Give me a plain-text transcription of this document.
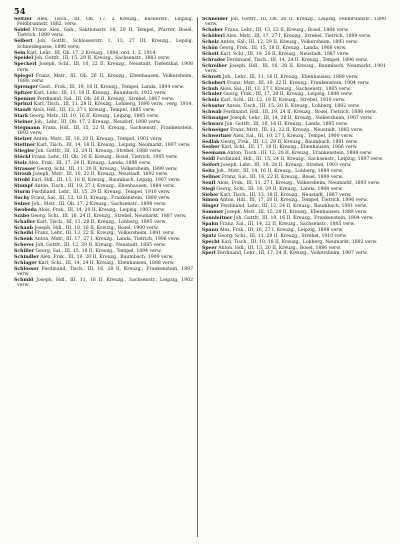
54

Seltzer Alex, Tisch., III, Ob. 17, 2 Kreuzg., Bäckerstr., Leipzig, Feldbrunnstr. 1882. verw.

Seidel Franz Alex. Geh., Sektionsstr. 16, 29 II, Tempel, Pfarrer, Bosel, Tietrich, 1899 verw.

Seibert Joh. Gottfr., Schlosserstr. 1, 13, 27 III, Kreuzg., Lepzig, Schneidegasse, 1890 verw.

Sein Karl, Lehr., III, Ob. 17, 2 Kreuzg., 1884, ord. 1, 2, 1914.

Speidel Joh. Gottfr., III, 15, 29 II, Kreuzg., Sachsenstr., 1883 verw.

Speckert Joseph, Schl., III, 10, 22 II, Kreuzg., Neustadt, Tiefenthal, 1908 verw.

Spiegel Franz, Mstr., III, Ob. 26 II, Kreuzg., Ebenhausen, Volkersheim, 1889. verw.

Sprenger Gust., Frsk., III, 19, 10 II, Kreuzg., Tempel, Landa, 1894 verw.

Spitzer Karl, Lehr., III, 13, 18 II, Kreuzg., Baumbach, 1912 verw.

Sponner Ferdinand, Sal., III, Ob. 26 II, Kreuzg., Strebel, 1887 verw.

Sprinzl Karl, Tisch., III, 11, 28 II, Kreuzg., Lohberg, 1896 verw., verg. 1914.

Staudt Alois, Hdl., III, 12, 27 I, Kreuzg., Tempel, 1885 verw.

Stark Georg, Mstr., III, 10, 16 II, Kreuzg., Leipzig, 1895 verw.

Steiner Joh., Lehr., III, Ob. 17, 2 Kreuzg., Neudorf, 1890 verw.

Stegmann Franz, Hdl., III, 15, 22 II, Kreuzg., Sachsenstr., Frankenstein, 1893 verw.

Stelzer Anton, Mstr., III, 16, 20 II, Kreuzg., Tempel, 1901 verw.

Stettner Karl, Tisch., III, 14, 18 II, Kreuzg., Leipzig, Neumarkt, 1897 verw.

Stiegler Joh. Gottfr., III, 12, 24 II, Kreuzg., Strebel, 1888 verw.

Stöckl Franz, Lehr., III, Ob. 26 II, Kreuzg., Bosel, Tietrich, 1905 verw.

Stolz Alex, Frsk., III, 17, 24 II, Kreuzg., Landa, 1886 verw.

Strasser Georg, Schl., III, 11, 20 II, Kreuzg., Volkersheim, 1899 verw.

Straub Joseph, Mstr., III, 10, 22 II, Kreuzg., Neustadt, 1892 verw.

Strobl Karl, Hdl., III, 13, 16 II, Kreuzg., Baumbach, Lepzig, 1907 verw.

Stumpf Anton, Tisch., III, 19, 27 I, Kreuzg., Ebenhausen, 1884 verw.

Sturm Ferdinand, Lehr., III, 15, 29 II, Kreuzg., Tempel, 1910 verw.

Suchy Franz, Sal., III, 12, 18 II, Kreuzg., Frankenstein, 1889 verw.

Sulzer Joh., Mstr., III, Ob. 17, 2 Kreuzg., Sachsenstr., 1898 verw.

Swoboda Alois, Frsk., III, 14, 20 II, Kreuzg., Leipzig, 1903 verw.

Szabo Georg, Schl., III, 16, 24 II, Kreuzg., Strebel, Neumarkt, 1887 verw.

Schaller Karl, Tisch., III, 11, 28 II, Kreuzg., Lohberg, 1895 verw.

Schaub Joseph, Hdl., III, 10, 16 II, Kreuzg., Bosel, 1900 verw.

Scheibl Franz, Lehr., III, 13, 22 II, Kreuzg., Volkersheim, 1891 verw.

Schenk Anton, Mstr., III, 17, 27 I, Kreuzg., Landa, Tietrich, 1906 verw.

Scherer Joh. Gottfr., III, 12, 29 II, Kreuzg., Neustadt, 1885 verw.

Schiller Georg, Sal., III, 15, 18 II, Kreuzg., Tempel, 1894 verw.

Schindler Alex, Frsk., III, 19, 20 II, Kreuzg., Baumbach, 1909 verw.

Schlager Karl, Schl., III, 14, 24 II, Kreuzg., Ebenhausen, 1888 verw.

Schlosser Ferdinand, Tisch., III, 16, 28 II, Kreuzg., Frankenstein, 1897 verw.

Schmid Joseph, Hdl., III, 11, 16 II, Kreuzg., Sachsenstr., Leipzig, 1902 verw.

Schneider Joh. Gottfr., III, Ob. 26 II, Kreuzg., Leipzig, Feldbrunnstr., 1890 verw.

Schober Franz, Lehr., III, 13, 22 II, Kreuzg., Bosel, 1884 verw.

Schöberl Alex, Mstr., III, 17, 27 I, Kreuzg., Strebel, Tietrich, 1899 verw.

Scholz Anton, Sal., III, 12, 29 II, Kreuzg., Volkersheim, 1893 verw.

Schön Georg, Frsk., III, 15, 18 II, Kreuzg., Landa, 1908 verw.

Schott Karl, Schl., III, 19, 20 II, Kreuzg., Neustadt, 1887 verw.

Schrader Ferdinand, Tisch., III, 14, 24 II, Kreuzg., Tempel, 1896 verw.

Schreiber Joseph, Hdl., III, 16, 28 II, Kreuzg., Baumbach, Neumarkt, 1901 verw.

Schrott Joh., Lehr., III, 11, 16 II, Kreuzg., Ebenhausen, 1889 verw.

Schubert Franz, Mstr., III, 10, 22 II, Kreuzg., Frankenstein, 1904 verw.

Schuh Alois, Sal., III, 13, 27 I, Kreuzg., Sachsenstr., 1885 verw.

Schuler Georg, Frsk., III, 17, 29 II, Kreuzg., Leipzig, 1898 verw.

Schulz Karl, Schl., III, 12, 18 II, Kreuzg., Strebel, 1910 verw.

Schuster Anton, Tisch., III, 15, 20 II, Kreuzg., Lohberg, 1892 verw.

Schwab Ferdinand, Hdl., III, 19, 24 II, Kreuzg., Bosel, Tietrich, 1886 verw.

Schwaiger Joseph, Lehr., III, 14, 28 II, Kreuzg., Volkersheim, 1907 verw.

Schwarz Joh. Gottfr., III, 16, 16 II, Kreuzg., Landa, 1895 verw.

Schweiger Franz, Mstr., III, 11, 22 II, Kreuzg., Neustadt, 1883 verw.

Schwertner Alex, Sal., III, 10, 27 I, Kreuzg., Tempel, 1900 verw.

Sedlak Georg, Frsk., III, 13, 29 II, Kreuzg., Baumbach, 1891 verw.

Seeber Karl, Schl., III, 17, 18 II, Kreuzg., Ebenhausen, 1906 verw.

Seemann Anton, Tisch., III, 12, 20 II, Kreuzg., Frankenstein, 1888 verw.

Seidl Ferdinand, Hdl., III, 15, 24 II, Kreuzg., Sachsenstr., Leipzig, 1897 verw.

Seifert Joseph, Lehr., III, 19, 28 II, Kreuzg., Strebel, 1903 verw.

Seitz Joh., Mstr., III, 14, 16 II, Kreuzg., Lohberg, 1884 verw.

Sellner Franz, Sal., III, 16, 22 II, Kreuzg., Bosel, 1899 verw.

Senft Alois, Frsk., III, 11, 27 I, Kreuzg., Volkersheim, Neumarkt, 1893 verw.

Siegl Georg, Schl., III, 10, 29 II, Kreuzg., Landa, 1908 verw.

Sieber Karl, Tisch., III, 13, 18 II, Kreuzg., Neustadt, 1887 verw.

Simon Anton, Hdl., III, 17, 20 II, Kreuzg., Tempel, Tietrich, 1896 verw.

Singer Ferdinand, Lehr., III, 12, 24 II, Kreuzg., Baumbach, 1901 verw.

Sommer Joseph, Mstr., III, 15, 28 II, Kreuzg., Ebenhausen, 1889 verw.

Sonnleitner Joh. Gottfr., III, 19, 16 II, Kreuzg., Frankenstein, 1904 verw.

Spahn Franz, Sal., III, 14, 22 II, Kreuzg., Sachsenstr., 1885 verw.

Spann Alex, Frsk., III, 16, 27 I, Kreuzg., Leipzig, 1898 verw.

Spatz Georg, Schl., III, 11, 29 II, Kreuzg., Strebel, 1910 verw.

Specht Karl, Tisch., III, 10, 18 II, Kreuzg., Lohberg, Neumarkt, 1892 verw.

Speer Anton, Hdl., III, 13, 20 II, Kreuzg., Bosel, 1886 verw.

Sperl Ferdinand, Lehr., III, 17, 24 II, Kreuzg., Volkersheim, 1907 verw.
